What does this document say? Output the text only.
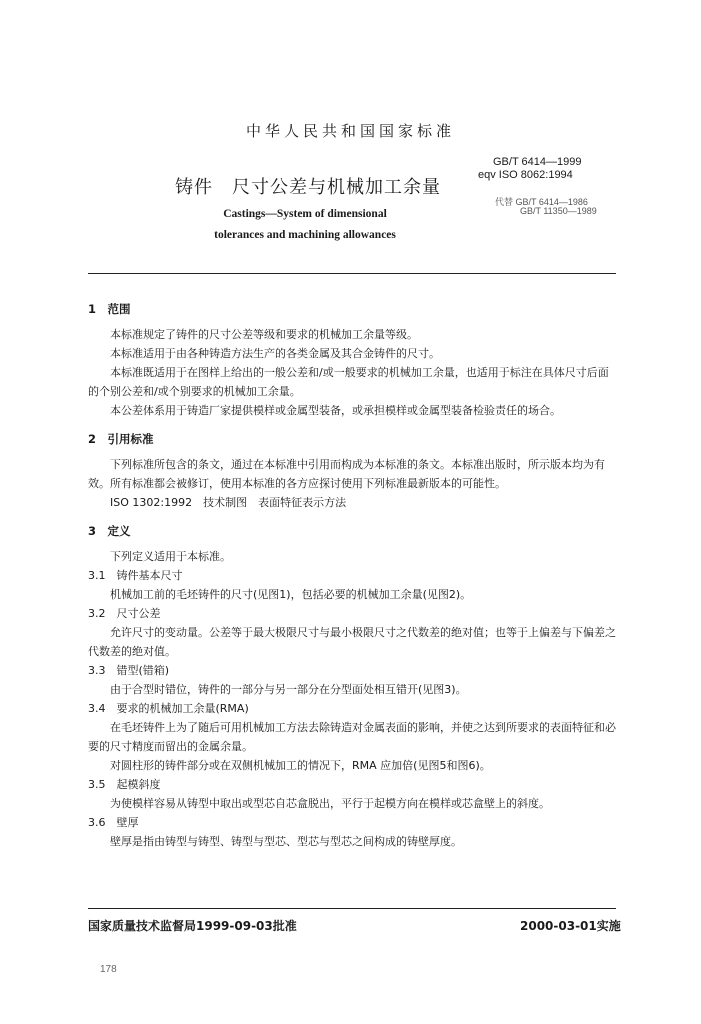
中华人民共和国国家标准
GB/T 6414—1999
eqv ISO 8062:1994
铸件　尺寸公差与机械加工余量
代替 GB/T 6414—1986
GB/T 11350—1989
Castings—System of dimensional
tolerances and machining allowances
1　范围
本标准规定了铸件的尺寸公差等级和要求的机械加工余量等级。
本标准适用于由各种铸造方法生产的各类金属及其合金铸件的尺寸。
本标准既适用于在图样上给出的一般公差和/或一般要求的机械加工余量，也适用于标注在具体尺寸后面的个别公差和/或个别要求的机械加工余量。
本公差体系用于铸造厂家提供模样或金属型装备，或承担模样或金属型装备检验责任的场合。
2　引用标准
下列标准所包含的条文，通过在本标准中引用而构成为本标准的条文。本标准出版时，所示版本均为有效。所有标准都会被修订，使用本标准的各方应探讨使用下列标准最新版本的可能性。
ISO 1302:1992　技术制图　表面特征表示方法
3　定义
下列定义适用于本标准。
3.1　铸件基本尺寸
机械加工前的毛坯铸件的尺寸(见图1)，包括必要的机械加工余量(见图2)。
3.2　尺寸公差
允许尺寸的变动量。公差等于最大极限尺寸与最小极限尺寸之代数差的绝对值；也等于上偏差与下偏差之代数差的绝对值。
3.3　错型(错箱)
由于合型时错位，铸件的一部分与另一部分在分型面处相互错开(见图3)。
3.4　要求的机械加工余量(RMA)
在毛坯铸件上为了随后可用机械加工方法去除铸造对金属表面的影响，并使之达到所要求的表面特征和必要的尺寸精度而留出的金属余量。
对圆柱形的铸件部分或在双侧机械加工的情况下，RMA 应加倍(见图5和图6)。
3.5　起模斜度
为使模样容易从铸型中取出或型芯自芯盒脱出，平行于起模方向在模样或芯盒壁上的斜度。
3.6　壁厚
壁厚是指由铸型与铸型、铸型与型芯、型芯与型芯之间构成的铸壁厚度。
国家质量技术监督局1999-09-03批准	2000-03-01实施
178
